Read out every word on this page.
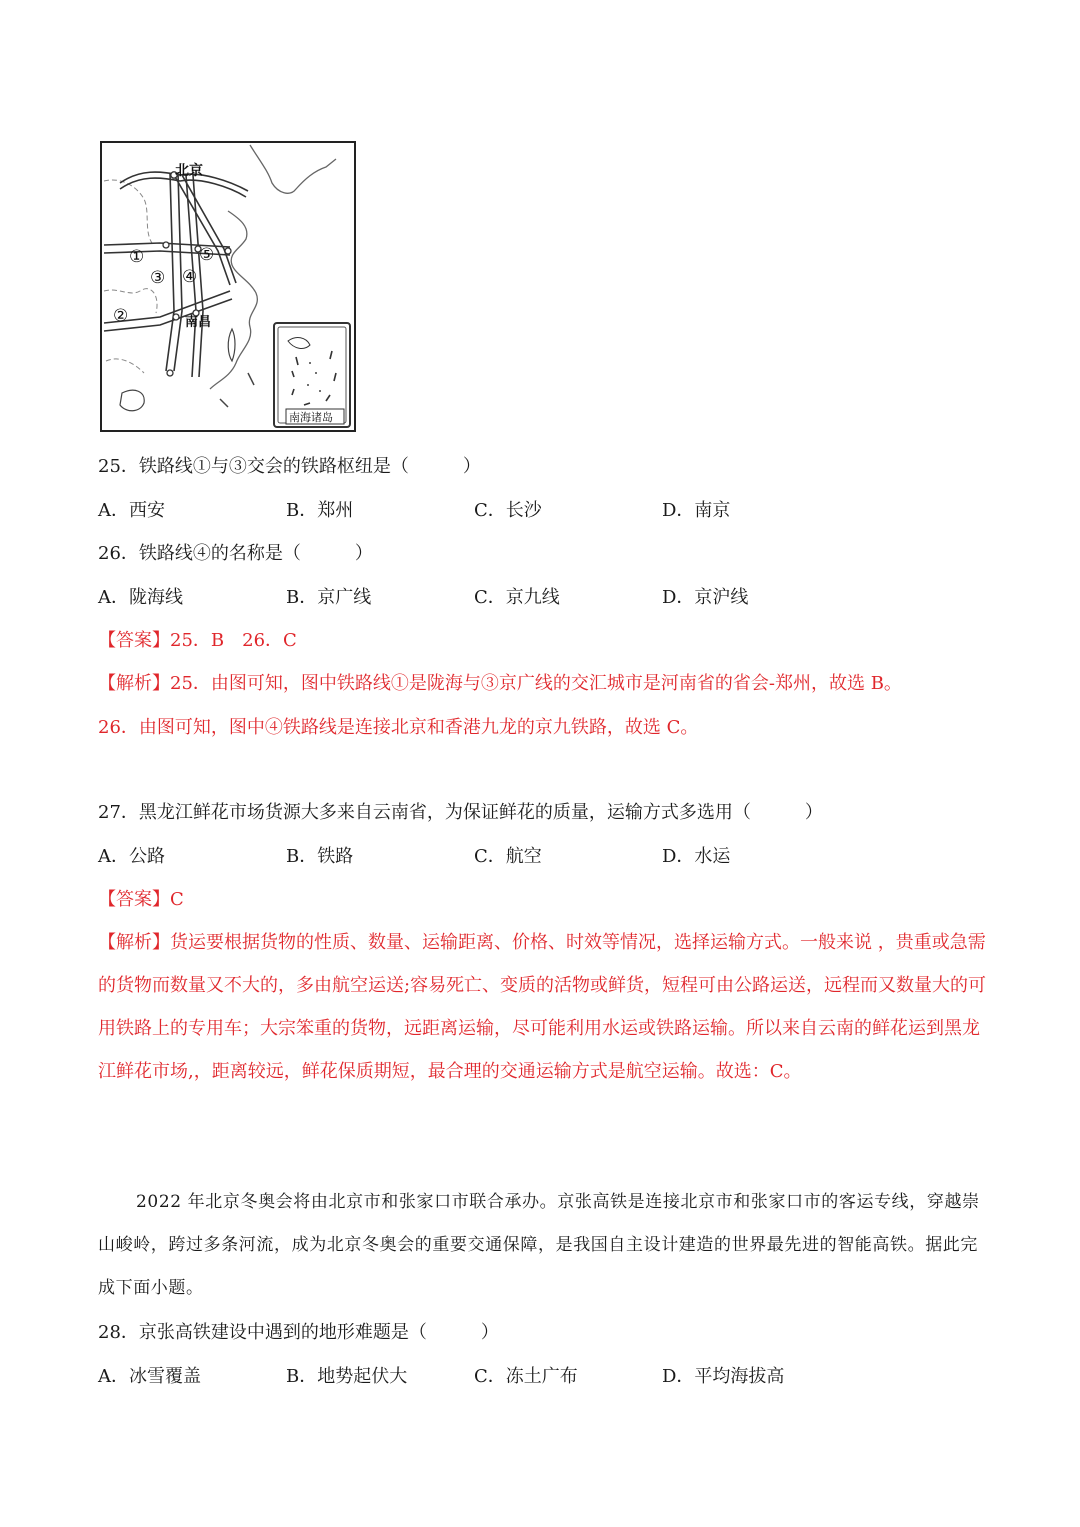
北京
南昌
①
②
③ ④
⑤
南海诸岛
25．铁路线①与③交会的铁路枢纽是（　　　）
A．西安	B．郑州	C．长沙	D．南京
26．铁路线④的名称是（　　　）
A．陇海线	B．京广线	C．京九线	D．京沪线
【答案】25．B　26．C
【解析】25．由图可知，图中铁路线①是陇海与③京广线的交汇城市是河南省的省会-郑州，故选 B。
26．由图可知，图中④铁路线是连接北京和香港九龙的京九铁路，故选 C。
27．黑龙江鲜花市场货源大多来自云南省，为保证鲜花的质量，运输方式多选用（　　　）
A．公路	B．铁路	C．航空	D．水运
【答案】C
【解析】货运要根据货物的性质、数量、运输距离、价格、时效等情况，选择运输方式。一般来说 ，贵重或急需的货物而数量又不大的，多由航空运送;容易死亡、变质的活物或鲜货，短程可由公路运送，远程而又数量大的可用铁路上的专用车；大宗笨重的货物，远距离运输，尽可能利用水运或铁路运输。所以来自云南的鲜花运到黑龙江鲜花市场,，距离较远，鲜花保质期短，最合理的交通运输方式是航空运输。故选：C。
2022 年北京冬奥会将由北京市和张家口市联合承办。京张高铁是连接北京市和张家口市的客运专线，穿越崇山峻岭，跨过多条河流，成为北京冬奥会的重要交通保障，是我国自主设计建造的世界最先进的智能高铁。据此完成下面小题。
28．京张高铁建设中遇到的地形难题是（　　　）
A．冰雪覆盖	B．地势起伏大	C．冻土广布	D．平均海拔高
